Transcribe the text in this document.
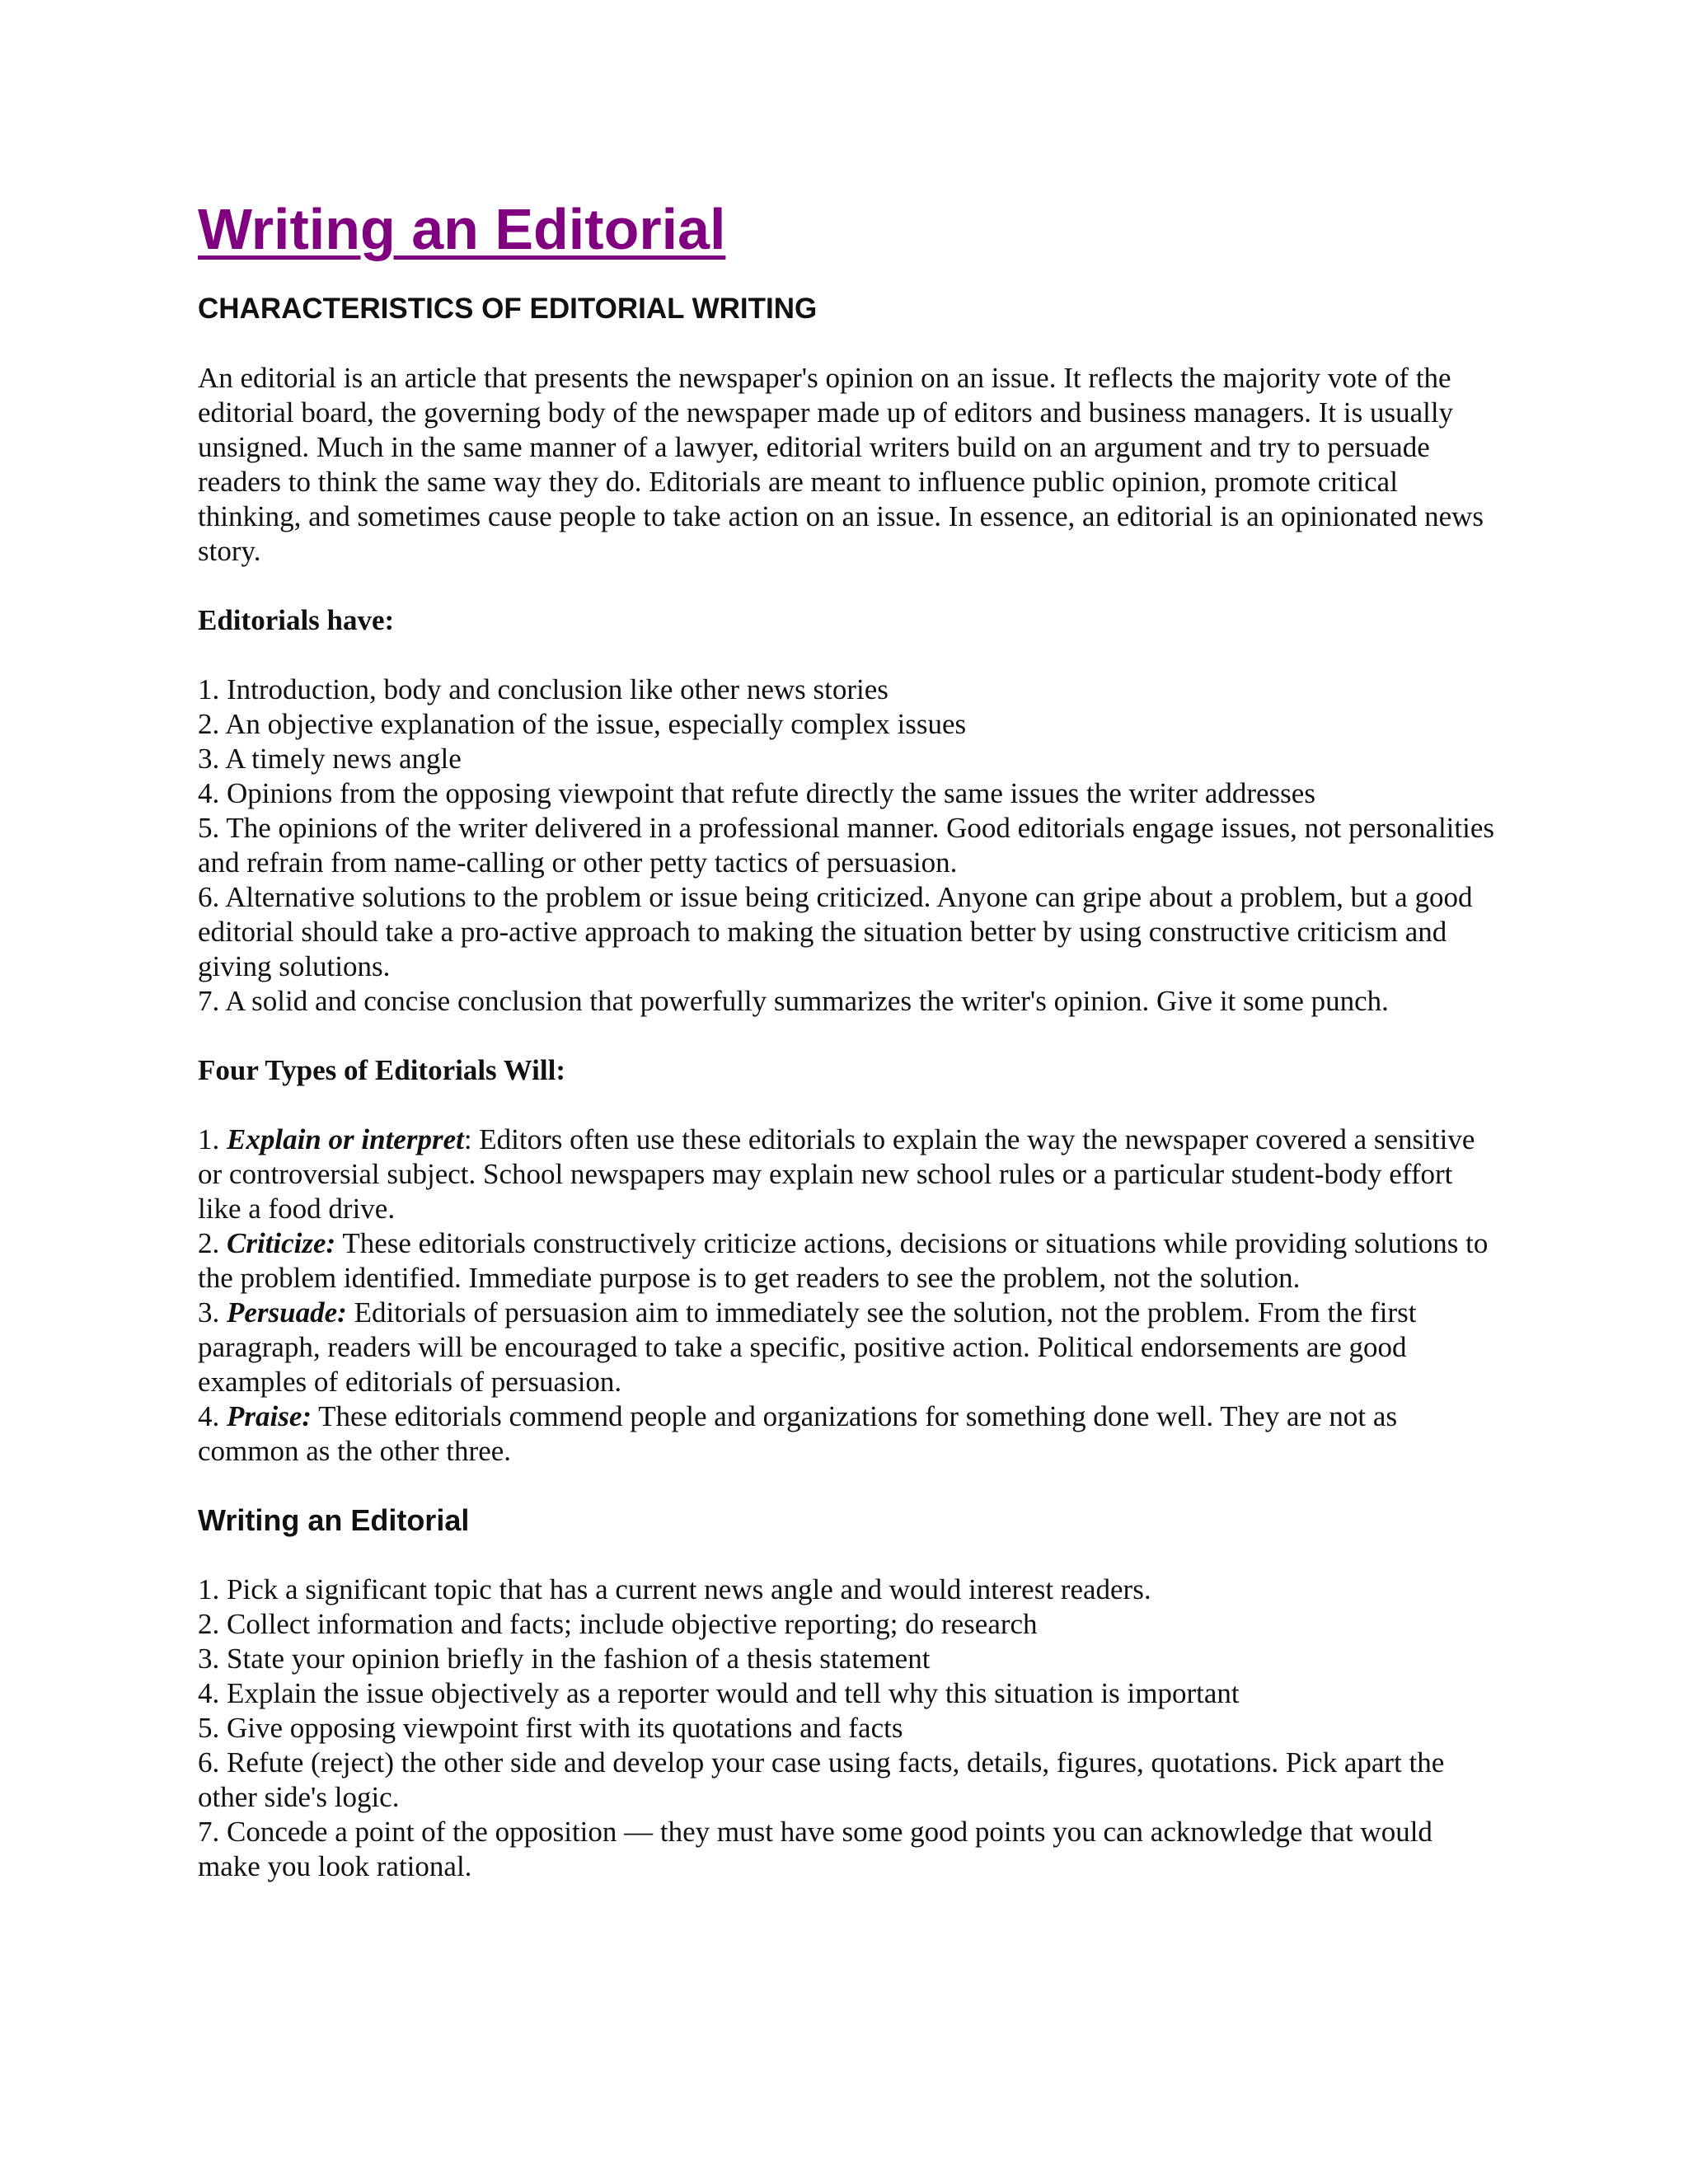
Writing an Editorial
CHARACTERISTICS OF EDITORIAL WRITING

An editorial is an article that presents the newspaper's opinion on an issue. It reflects the majority vote of the editorial board, the governing body of the newspaper made up of editors and business managers. It is usually unsigned. Much in the same manner of a lawyer, editorial writers build on an argument and try to persuade readers to think the same way they do. Editorials are meant to influence public opinion, promote critical thinking, and sometimes cause people to take action on an issue. In essence, an editorial is an opinionated news story.

Editorials have:
1. Introduction, body and conclusion like other news stories
2. An objective explanation of the issue, especially complex issues
3. A timely news angle
4. Opinions from the opposing viewpoint that refute directly the same issues the writer addresses
5. The opinions of the writer delivered in a professional manner. Good editorials engage issues, not personalities and refrain from name-calling or other petty tactics of persuasion.
6. Alternative solutions to the problem or issue being criticized. Anyone can gripe about a problem, but a good editorial should take a pro-active approach to making the situation better by using constructive criticism and giving solutions.
7. A solid and concise conclusion that powerfully summarizes the writer's opinion. Give it some punch.
Four Types of Editorials Will:
1. Explain or interpret: Editors often use these editorials to explain the way the newspaper covered a sensitive or controversial subject. School newspapers may explain new school rules or a particular student-body effort like a food drive.
2. Criticize: These editorials constructively criticize actions, decisions or situations while providing solutions to the problem identified. Immediate purpose is to get readers to see the problem, not the solution.
3. Persuade: Editorials of persuasion aim to immediately see the solution, not the problem. From the first paragraph, readers will be encouraged to take a specific, positive action. Political endorsements are good examples of editorials of persuasion.
4. Praise: These editorials commend people and organizations for something done well. They are not as common as the other three.
Writing an Editorial
1. Pick a significant topic that has a current news angle and would interest readers.
2. Collect information and facts; include objective reporting; do research
3. State your opinion briefly in the fashion of a thesis statement
4. Explain the issue objectively as a reporter would and tell why this situation is important
5. Give opposing viewpoint first with its quotations and facts
6. Refute (reject) the other side and develop your case using facts, details, figures, quotations. Pick apart the other side's logic.
7. Concede a point of the opposition — they must have some good points you can acknowledge that would make you look rational.
